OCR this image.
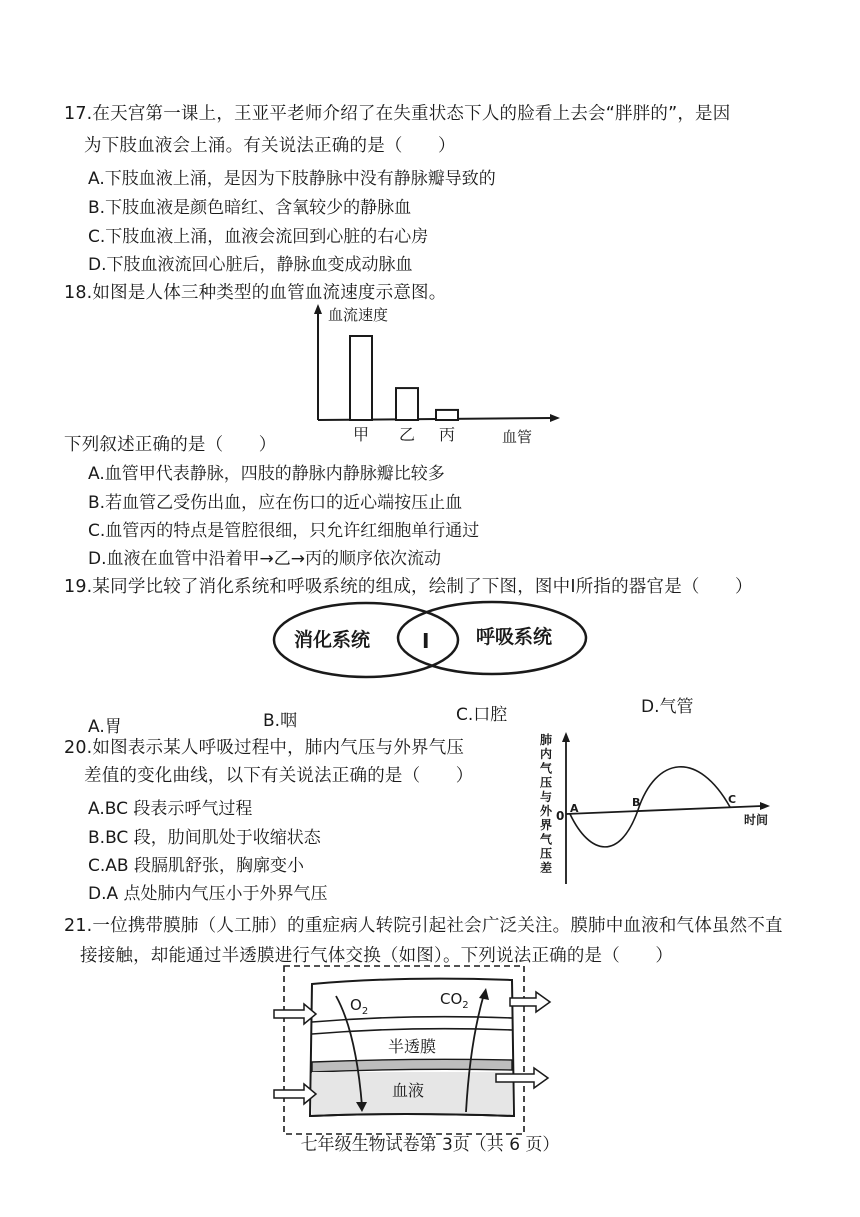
17.在天宫第一课上，王亚平老师介绍了在失重状态下人的脸看上去会“胖胖的”，是因
为下肢血液会上涌。有关说法正确的是（　　）
A.下肢血液上涌，是因为下肢静脉中没有静脉瓣导致的
B.下肢血液是颜色暗红、含氧较少的静脉血
C.下肢血液上涌，血液会流回到心脏的右心房
D.下肢血液流回心脏后，静脉血变成动脉血
18.如图是人体三种类型的血管血流速度示意图。
血流速度
甲 乙 丙	血管
下列叙述正确的是（　　）
A.血管甲代表静脉，四肢的静脉内静脉瓣比较多
B.若血管乙受伤出血，应在伤口的近心端按压止血
C.血管丙的特点是管腔很细，只允许红细胞单行通过
D.血液在血管中沿着甲→乙→丙的顺序依次流动
19.某同学比较了消化系统和呼吸系统的组成，绘制了下图，图中Ⅰ所指的器官是（　　）
消化系统	Ⅰ 呼吸系统
A.胃	B.咽	C.口腔	D.气管
20.如图表示某人呼吸过程中，肺内气压与外界气压
差值的变化曲线，以下有关说法正确的是（　　）
A.BC 段表示呼气过程
B.BC 段，肋间肌处于收缩状态
C.AB 段膈肌舒张，胸廓变小
D.A 点处肺内气压小于外界气压
肺
内
气
压
与
外
界
气
压
差
0
A	B	C
时间
21.一位携带膜肺（人工肺）的重症病人转院引起社会广泛关注。膜肺中血液和气体虽然不直
接接触，却能通过半透膜进行气体交换（如图）。下列说法正确的是（　　）
$O_2$
$CO_2$
半透膜
血液
七年级生物试卷第 3页（共 6 页）
